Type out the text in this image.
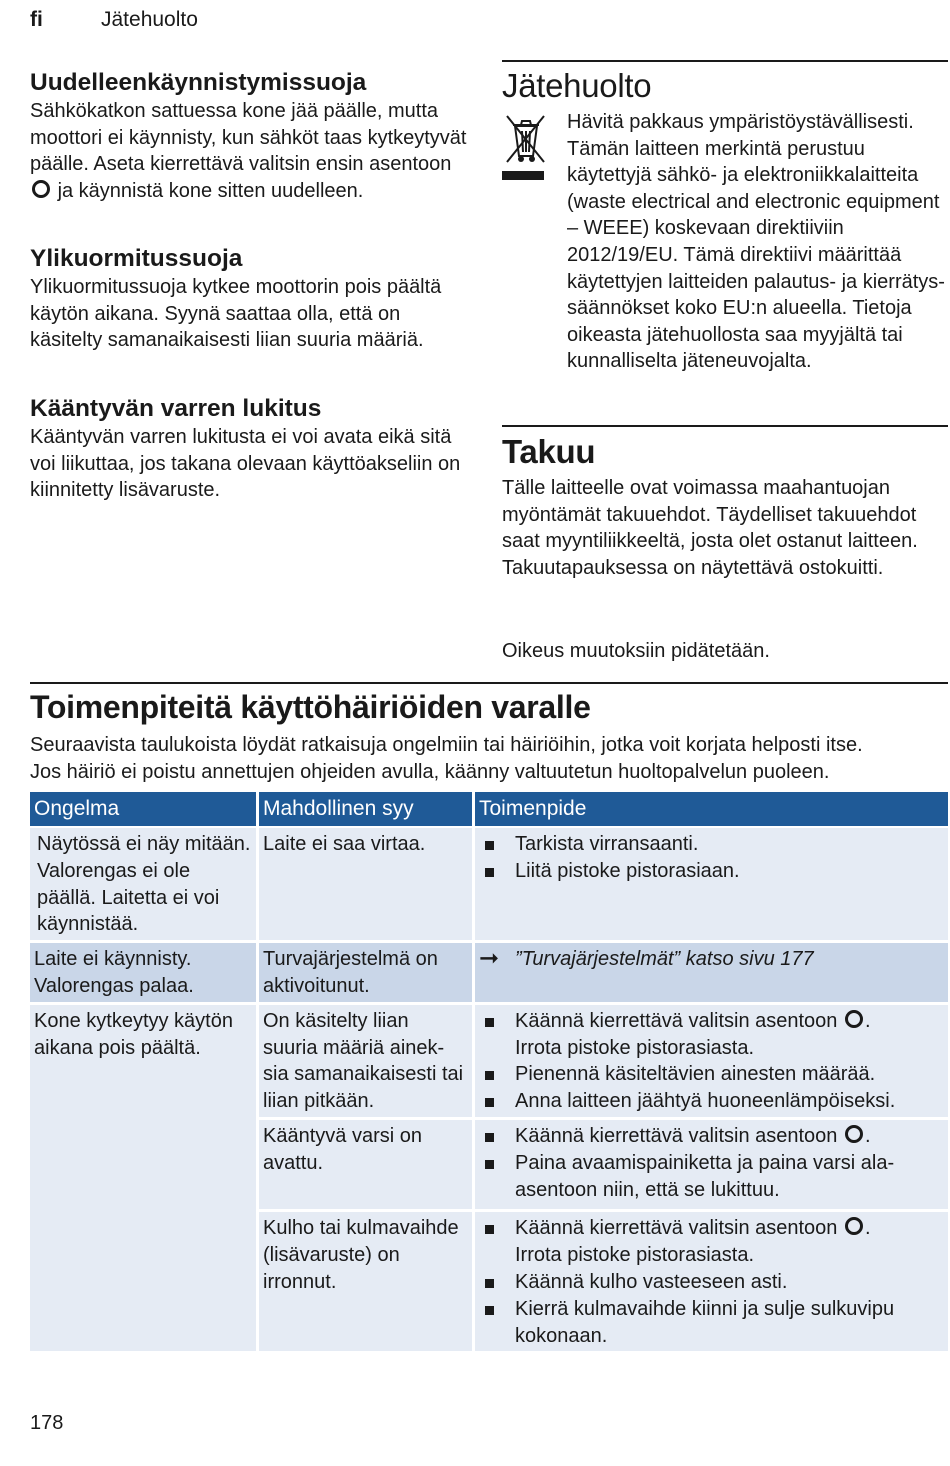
fi	Jätehuolto
Uudelleenkäynnistymissuoja

Sähkökatkon sattuessa kone jää päälle, mutta moottori ei käynnisty, kun sähköt taas kytkeytyvät päälle. Aseta kierrettävä valitsin ensin asentoon  ja käynnistä kone sitten uudelleen.

Ylikuormitussuoja

Ylikuormitussuoja kytkee moottorin pois päältä käytön aikana. Syynä saattaa olla, että on käsitelty samanaikaisesti liian suuria määriä.

Kääntyvän varren lukitus

Kääntyvän varren lukitusta ei voi avata eikä sitä voi liikuttaa, jos takana olevaan käyttöakseliin on kiinnitetty lisävaruste.

Jätehuolto

Hävitä pakkaus ympäristöystävällisesti. Tämän laitteen merkintä perustuu käytettyjä sähkö- ja elektroniikkalaitteita (waste electrical and electronic equipment – WEEE) koskevaan direktiiviin 2012/19/EU. Tämä direktiivi määrittää käytettyjen laitteiden palautus- ja kierrätys-säännökset koko EU:n alueella. Tietoja oikeasta jätehuollosta saa myyjältä tai kunnalliselta jäteneuvojalta.

Takuu

Tälle laitteelle ovat voimassa maahantuojan myöntämät takuuehdot. Täydelliset takuuehdot saat myyntiliikkeeltä, josta olet ostanut laitteen. Takuutapauksessa on näytettävä ostokuitti.

Oikeus muutoksiin pidätetään.

Toimenpiteitä käyttöhäiriöiden varalle

Seuraavista taulukoista löydät ratkaisuja ongelmiin tai häiriöihin, jotka voit korjata helposti itse.

Jos häiriö ei poistu annettujen ohjeiden avulla, käänny valtuutetun huoltopalvelun puoleen.

Ongelma	Mahdollinen syy	Toimenpide
Näytössä ei näy mitään. Valorengas ei ole päällä. Laitetta ei voi käynnistää.	Laite ei saa virtaa.	Tarkista virransaanti.
Liitä pistoke pistorasiaan.

Laite ei käynnisty. Valorengas palaa.	Turvajärjestelmä on aktivoitunut.	➞ ”Turvajärjestelmät” katso sivu 177

Kone kytkeytyy käytön aikana pois päältä.	On käsitelty liian suuria määriä ainek-sia samanaikaisesti tai liian pitkään.	Käännä kierrettävä valitsin asentoon .
Irrota pistoke pistorasiasta.
Pienennä käsiteltävien ainesten määrää.
Anna laitteen jäähtyä huoneenlämpöiseksi.

	Kääntyvä varsi on avattu.	Käännä kierrettävä valitsin asentoon .
Paina avaamispainiketta ja paina varsi ala-asentoon niin, että se lukittuu.

	Kulho tai kulmavaihde (lisävaruste) on irronnut.	Käännä kierrettävä valitsin asentoon .
Irrota pistoke pistorasiasta.
Käännä kulho vasteeseen asti.
Kierrä kulmavaihde kiinni ja sulje sulkuvipu kokonaan.
178
